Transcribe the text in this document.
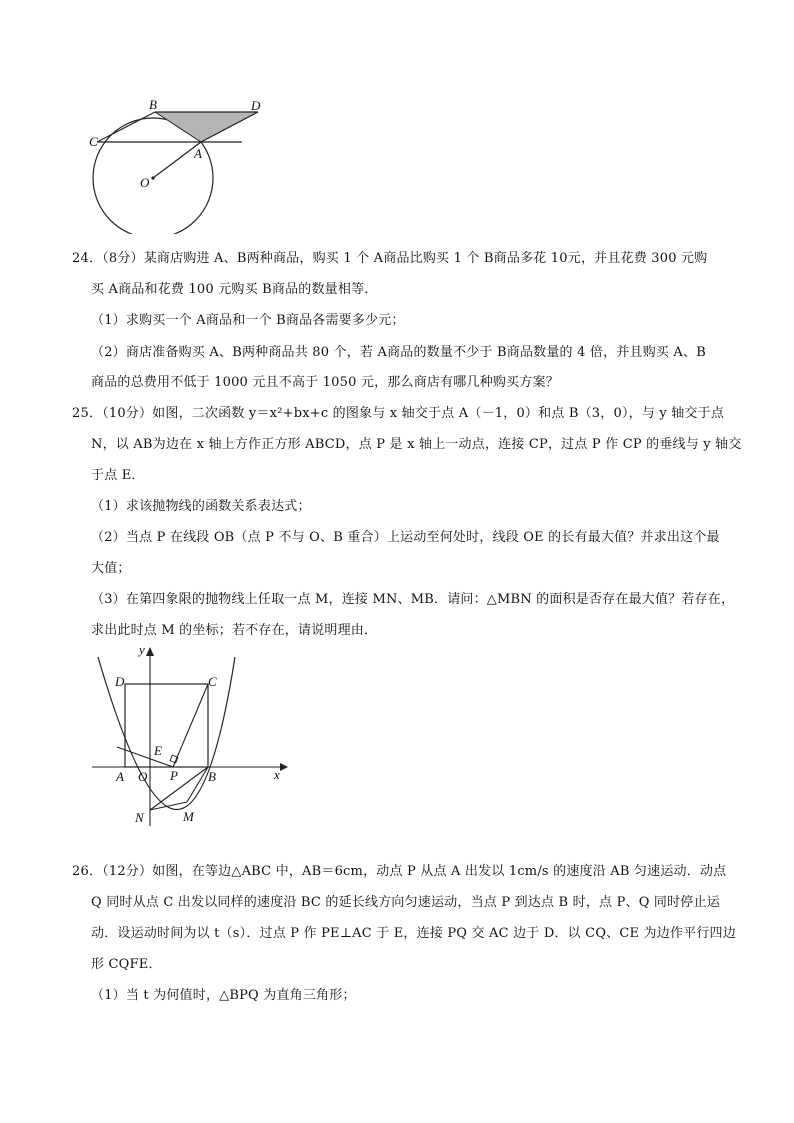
B	D
C
A
O
24．（8分）某商店购进 A、B两种商品，购买 1 个 A商品比购买 1 个 B商品多花 10元，并且花费 300 元购
买 A商品和花费 100 元购买 B商品的数量相等．
（1）求购买一个 A商品和一个 B商品各需要多少元；
（2）商店准备购买 A、B两种商品共 80 个，若 A商品的数量不少于 B商品数量的 4 倍，并且购买 A、B
商品的总费用不低于 1000 元且不高于 1050 元，那么商店有哪几种购买方案？
25．（10分）如图，二次函数 y＝x²+bx+c 的图象与 x 轴交于点 A（－1，0）和点 B（3，0），与 y 轴交于点
N，以 AB为边在 x 轴上方作正方形 ABCD，点 P 是 x 轴上一动点，连接 CP，过点 P 作 CP 的垂线与 y 轴交
于点 E．
（1）求该抛物线的函数关系表达式；
（2）当点 P 在线段 OB（点 P 不与 O、B 重合）上运动至何处时，线段 OE 的长有最大值？并求出这个最
大值；
（3）在第四象限的抛物线上任取一点 M，连接 MN、MB．请问：△MBN 的面积是否存在最大值？若存在，
求出此时点 M 的坐标；若不存在，请说明理由．
y
x
D	C
E
A O P B
N	M
26．（12分）如图，在等边△ABC 中，AB＝6cm，动点 P 从点 A 出发以 1cm/s 的速度沿 AB 匀速运动．动点
Q 同时从点 C 出发以同样的速度沿 BC 的延长线方向匀速运动，当点 P 到达点 B 时，点 P、Q 同时停止运
动．设运动时间为以 t（s）．过点 P 作 PE⊥AC 于 E，连接 PQ 交 AC 边于 D．以 CQ、CE 为边作平行四边
形 CQFE．
（1）当 t 为何值时，△BPQ 为直角三角形；
